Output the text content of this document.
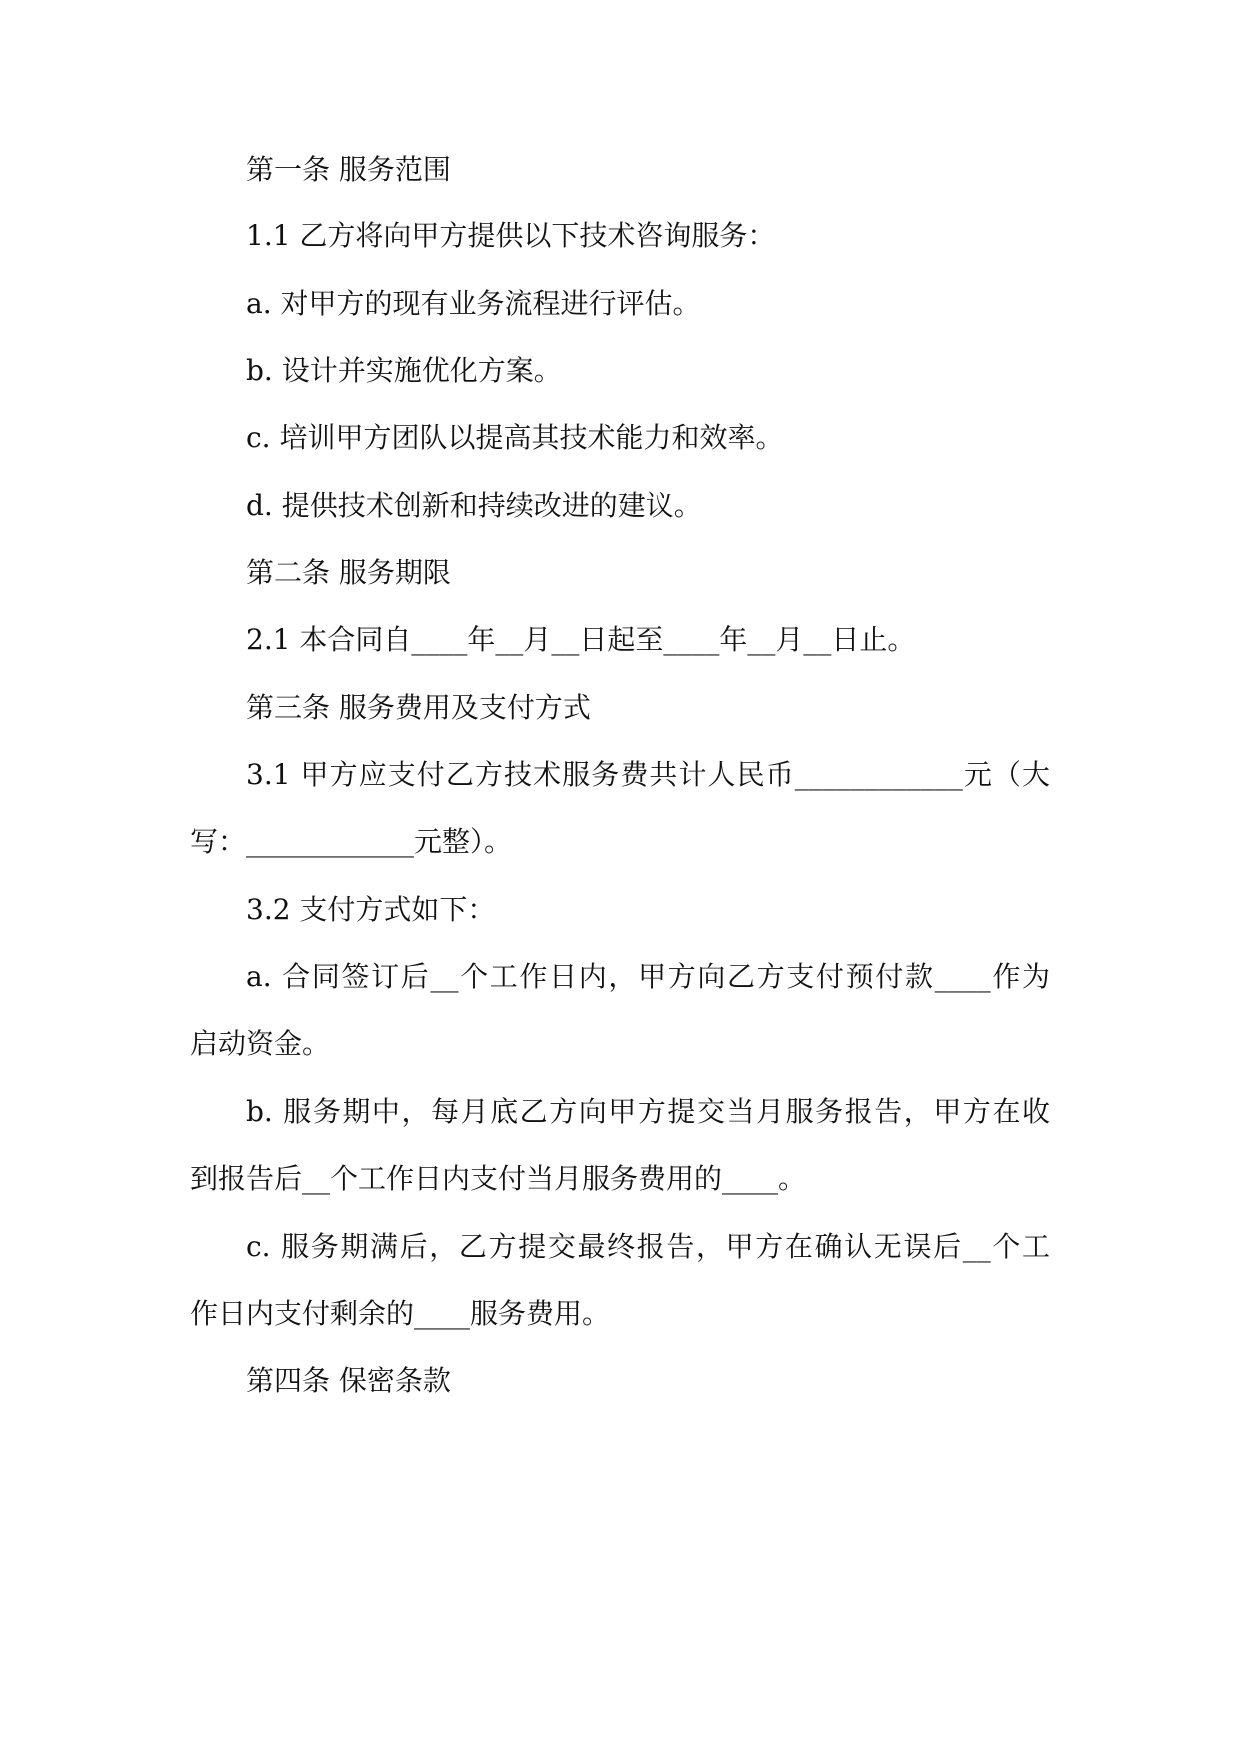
第一条 服务范围
1.1 乙方将向甲方提供以下技术咨询服务：
a. 对甲方的现有业务流程进行评估。
b. 设计并实施优化方案。
c. 培训甲方团队以提高其技术能力和效率。
d. 提供技术创新和持续改进的建议。
第二条 服务期限
2.1 本合同自____年__月__日起至____年__月__日止。
第三条 服务费用及支付方式
3.1 甲方应支付乙方技术服务费共计人民币____________元（大
写：____________元整）。
3.2 支付方式如下：
a. 合同签订后__个工作日内，甲方向乙方支付预付款____作为
启动资金。
b. 服务期中，每月底乙方向甲方提交当月服务报告，甲方在收
到报告后__个工作日内支付当月服务费用的____。
c. 服务期满后，乙方提交最终报告，甲方在确认无误后__个工
作日内支付剩余的____服务费用。
第四条 保密条款
